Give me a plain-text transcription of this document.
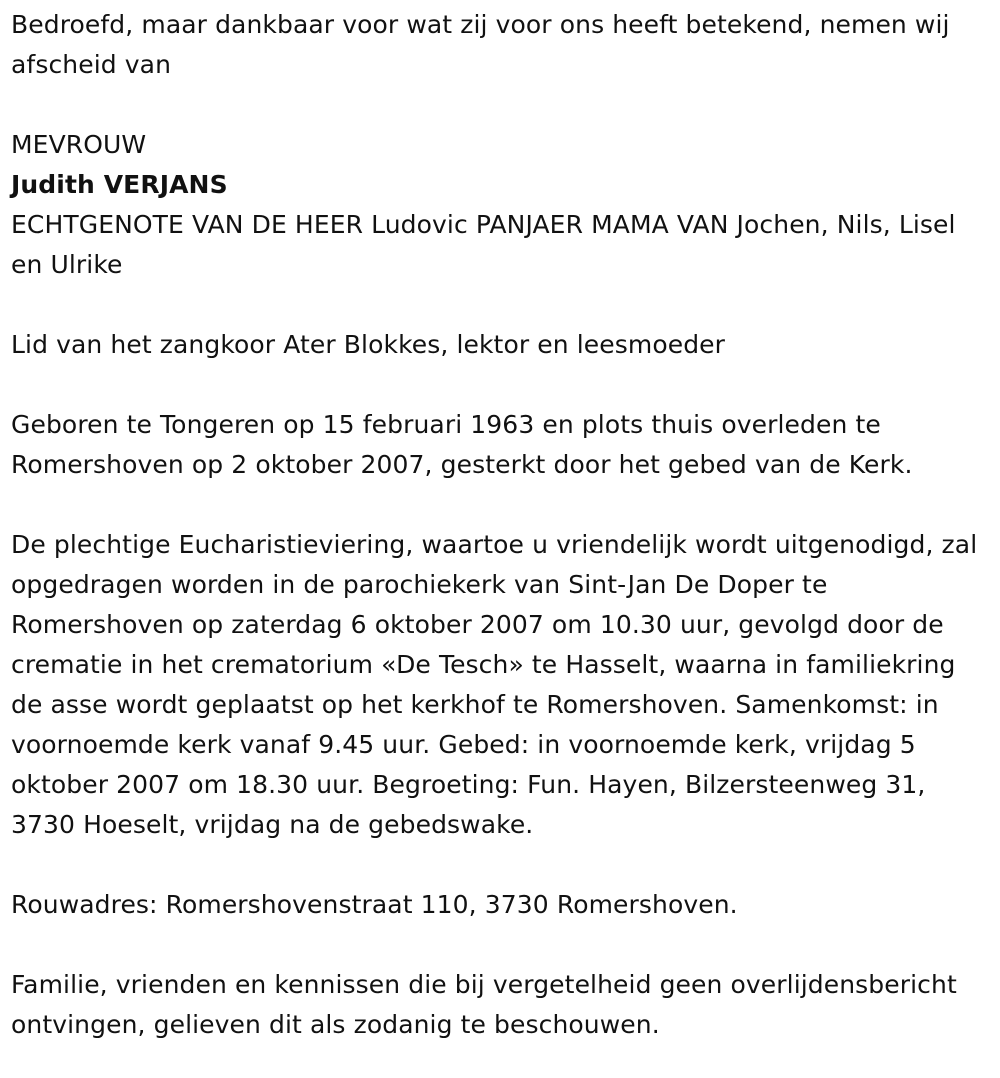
Bedroefd, maar dankbaar voor wat zij voor ons heeft betekend, nemen wij afscheid van

MEVROUW

Judith VERJANS

ECHTGENOTE VAN DE HEER Ludovic PANJAER MAMA VAN Jochen, Nils, Lisel en Ulrike

Lid van het zangkoor Ater Blokkes, lektor en leesmoeder

Geboren te Tongeren op 15 februari 1963 en plots thuis overleden te Romershoven op 2 oktober 2007, gesterkt door het gebed van de Kerk.

De plechtige Eucharistieviering, waartoe u vriendelijk wordt uitgenodigd, zal opgedragen worden in de parochiekerk van Sint-Jan De Doper te Romershoven op zaterdag 6 oktober 2007 om 10.30 uur, gevolgd door de crematie in het crematorium «De Tesch» te Hasselt, waarna in familiekring de asse wordt geplaatst op het kerkhof te Romershoven. Samenkomst: in voornoemde kerk vanaf 9.45 uur. Gebed: in voornoemde kerk, vrijdag 5 oktober 2007 om 18.30 uur. Begroeting: Fun. Hayen, Bilzersteenweg 31, 3730 Hoeselt, vrijdag na de gebedswake.

Rouwadres: Romershovenstraat 110, 3730 Romershoven.

Familie, vrienden en kennissen die bij vergetelheid geen overlijdensbericht ontvingen, gelieven dit als zodanig te beschouwen.
